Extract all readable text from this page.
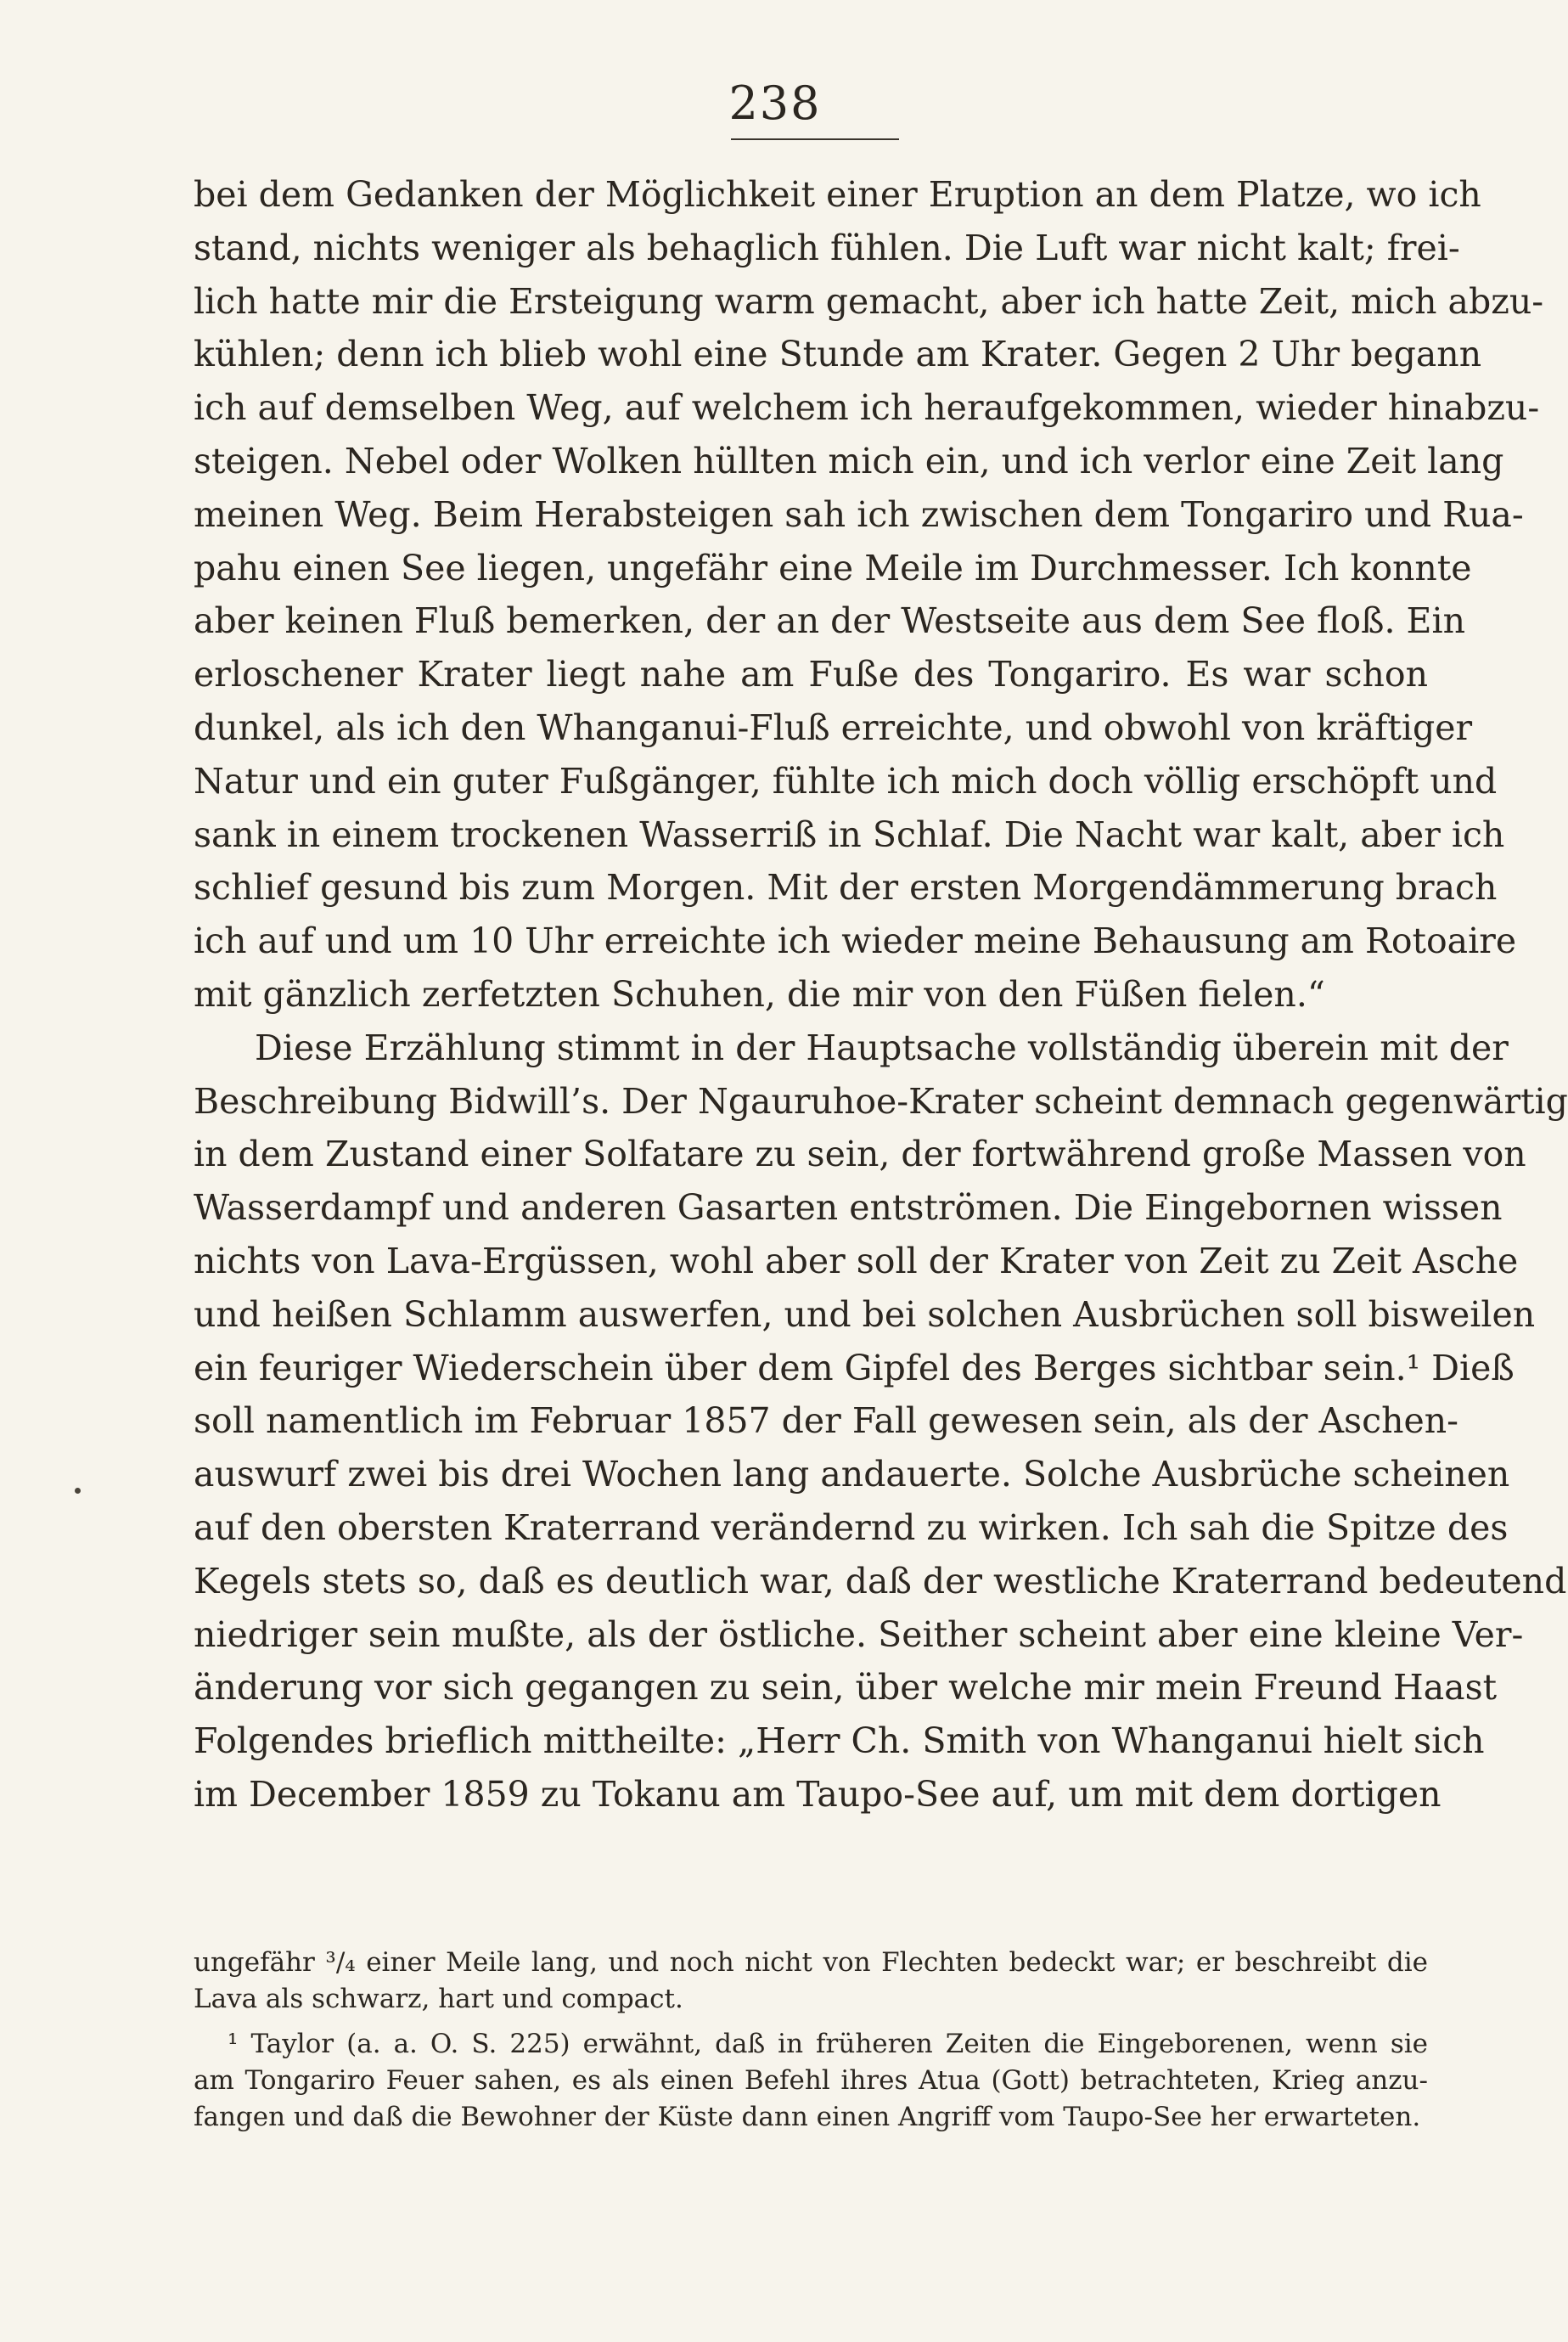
238
bei dem Gedanken der Möglichkeit einer Eruption an dem Platze, wo ich
stand, nichts weniger als behaglich fühlen. Die Luft war nicht kalt; frei-
lich hatte mir die Ersteigung warm gemacht, aber ich hatte Zeit, mich abzu-
kühlen; denn ich blieb wohl eine Stunde am Krater. Gegen 2 Uhr begann
ich auf demselben Weg, auf welchem ich heraufgekommen, wieder hinabzu-
steigen. Nebel oder Wolken hüllten mich ein, und ich verlor eine Zeit lang
meinen Weg. Beim Herabsteigen sah ich zwischen dem Tongariro und Rua-
pahu einen See liegen, ungefähr eine Meile im Durchmesser. Ich konnte
aber keinen Fluß bemerken, der an der Westseite aus dem See floß. Ein
erloschener Krater liegt nahe am Fuße des Tongariro. Es war schon
dunkel, als ich den Whanganui-Fluß erreichte, und obwohl von kräftiger
Natur und ein guter Fußgänger, fühlte ich mich doch völlig erschöpft und
sank in einem trockenen Wasserriß in Schlaf. Die Nacht war kalt, aber ich
schlief gesund bis zum Morgen. Mit der ersten Morgendämmerung brach
ich auf und um 10 Uhr erreichte ich wieder meine Behausung am Rotoaire
mit gänzlich zerfetzten Schuhen, die mir von den Füßen fielen.“
Diese Erzählung stimmt in der Hauptsache vollständig überein mit der
Beschreibung Bidwill’s. Der Ngauruhoe-Krater scheint demnach gegenwärtig
in dem Zustand einer Solfatare zu sein, der fortwährend große Massen von
Wasserdampf und anderen Gasarten entströmen. Die Eingebornen wissen
nichts von Lava-Ergüssen, wohl aber soll der Krater von Zeit zu Zeit Asche
und heißen Schlamm auswerfen, und bei solchen Ausbrüchen soll bisweilen
ein feuriger Wiederschein über dem Gipfel des Berges sichtbar sein.¹ Dieß
soll namentlich im Februar 1857 der Fall gewesen sein, als der Aschen-
auswurf zwei bis drei Wochen lang andauerte. Solche Ausbrüche scheinen
auf den obersten Kraterrand verändernd zu wirken. Ich sah die Spitze des
Kegels stets so, daß es deutlich war, daß der westliche Kraterrand bedeutend
niedriger sein mußte, als der östliche. Seither scheint aber eine kleine Ver-
änderung vor sich gegangen zu sein, über welche mir mein Freund Haast
Folgendes brieflich mittheilte: „Herr Ch. Smith von Whanganui hielt sich
im December 1859 zu Tokanu am Taupo-See auf, um mit dem dortigen
ungefähr ³/₄ einer Meile lang, und noch nicht von Flechten bedeckt war; er beschreibt die
Lava als schwarz, hart und compact.
¹ Taylor (a. a. O. S. 225) erwähnt, daß in früheren Zeiten die Eingeborenen, wenn sie
am Tongariro Feuer sahen, es als einen Befehl ihres Atua (Gott) betrachteten, Krieg anzu-
fangen und daß die Bewohner der Küste dann einen Angriff vom Taupo-See her erwarteten.
